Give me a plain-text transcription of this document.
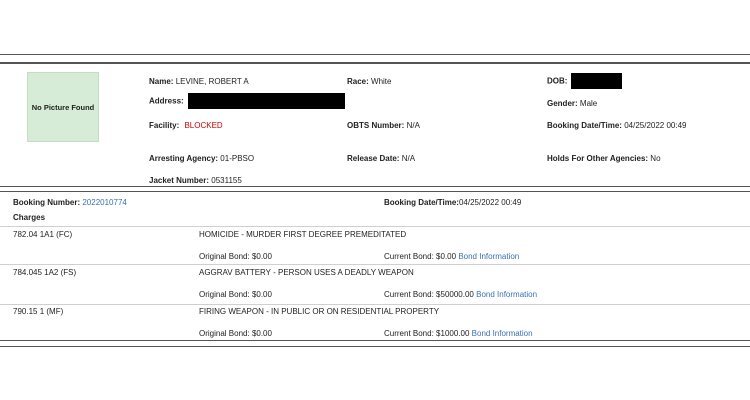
No Picture Found
Name: LEVINE, ROBERT A	Race: White	DOB:
Address:	Gender: Male
Facility: BLOCKED	OBTS Number: N/A	Booking Date/Time: 04/25/2022 00:49
Arresting Agency: 01-PBSO	Release Date: N/A	Holds For Other Agencies: No
Jacket Number: 0531155
Booking Number: 2022010774	Booking Date/Time:04/25/2022 00:49
Charges
782.04 1A1 (FC)	HOMICIDE - MURDER FIRST DEGREE PREMEDITATED
Original Bond: $0.00	Current Bond: $0.00 Bond Information
784.045 1A2 (FS)	AGGRAV BATTERY - PERSON USES A DEADLY WEAPON
Original Bond: $0.00	Current Bond: $50000.00 Bond Information
790.15 1 (MF)	FIRING WEAPON - IN PUBLIC OR ON RESIDENTIAL PROPERTY
Original Bond: $0.00	Current Bond: $1000.00 Bond Information
